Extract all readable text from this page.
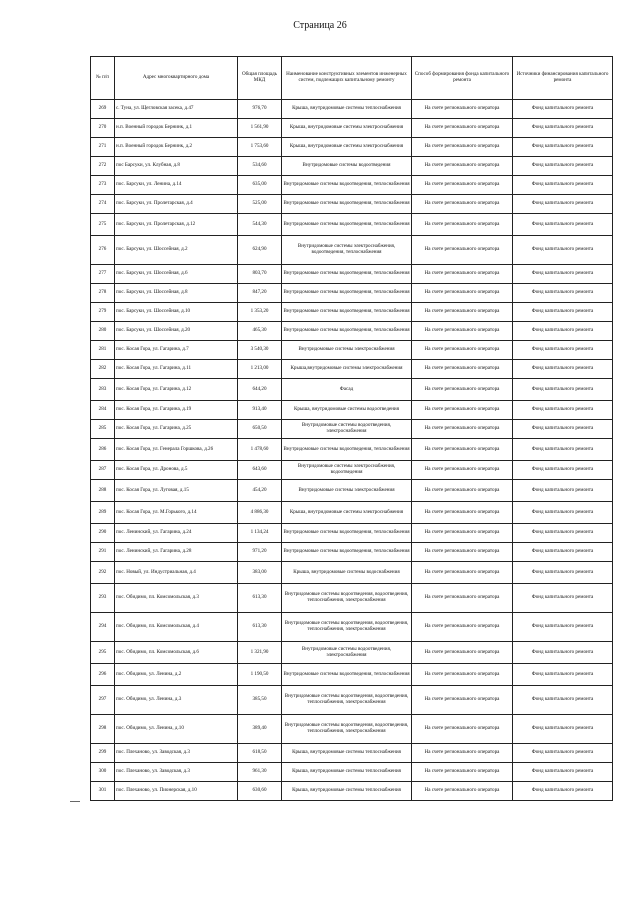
Страница 26
№ п/п	Адрес многоквартирного дома	Общая площадь МКД	Наименование конструктивных элементов инженерных систем, подлежащих капитальному ремонту	Способ формирования фонда капитального ремонта	Источники финансирования капитального ремонта
269	с. Туна, ул. Щегловская засека, д.47	976,70	Крыша, внутридомовые системы теплоснабжения	На счете регионального оператора	Фонд капитального ремонта
270	н.п. Военный городок Бернинк, д.1	1 561,90	Крыша, внутридомовые системы электроснабжения	На счете регионального оператора	Фонд капитального ремонта
271	н.п. Военный городок Бернинк, д.2	1 753,60	Крыша, внутридомовые системы электроснабжения	На счете регионального оператора	Фонд капитального ремонта
272	пос Барсуки, ул. Клубная, д.8	534,60	Внутридомовые системы водоотведения	На счете регионального оператора	Фонд капитального ремонта
273	пос. Барсуки, ул. Ленина, д.14	635,00	Внутридомовые системы водоотведения, теплоснабжения	На счете регионального оператора	Фонд капитального ремонта
274	пос. Барсуки, ул. Пролетарская, д.4	525,00	Внутридомовые системы водоотведения, теплоснабжения	На счете регионального оператора	Фонд капитального ремонта
275	пос. Барсуки, ул. Пролетарская, д.12	544,30	Внутридомовые системы водоотведения, теплоснабжения	На счете регионального оператора	Фонд капитального ремонта
276	пос. Барсуки, ул. Шоссейная, д.2	624,90	Внутридомовые системы электроснабжения, водоотведения, теплоснабжения	На счете регионального оператора	Фонд капитального ремонта
277	пос. Барсуки, ул. Шоссейная, д.6	803,70	Внутридомовые системы водоотведения, теплоснабжения	На счете регионального оператора	Фонд капитального ремонта
278	пос. Барсуки, ул. Шоссейная, д.8	847,20	Внутридомовые системы водоотведения, теплоснабжения	На счете регионального оператора	Фонд капитального ремонта
279	пос. Барсуки, ул. Шоссейная, д.10	1 353,20	Внутридомовые системы водоотведения, теплоснабжения	На счете регионального оператора	Фонд капитального ремонта
280	пос. Барсуки, ул. Шоссейная, д.20	465,30	Внутридомовые системы водоотведения, теплоснабжения	На счете регионального оператора	Фонд капитального ремонта
281	пос. Косая Гора, ул. Гагарина, д.7	3 540,30	Внутридомовые системы электроснабжения	На счете регионального оператора	Фонд капитального ремонта
282	пос. Косая Гора, ул. Гагарина, д.11	1 213,00	Крыша,внутридомовые системы электроснабжения	На счете регионального оператора	Фонд капитального ремонта
283	пос. Косая Гора, ул. Гагарина, д.12	644,20	Фасад	На счете регионального оператора	Фонд капитального ремонта
284	пос. Косая Гора, ул. Гагарина, д.19	913,40	Крыша, внутридомовые системы водоотведения	На счете регионального оператора	Фонд капитального ремонта
285	пос. Косая Гора, ул. Гагарина, д.25	650,50	Внутридомовые системы водоотведения, электроснабжения	На счете регионального оператора	Фонд капитального ремонта
286	пос. Косая Гора, ул. Генерала Горшкова, д.26	1 478,60	Внутридомовые системы водоотведения, теплоснабжения	На счете регионального оператора	Фонд капитального ремонта
287	пос. Косая Гора, ул. Дронова, д.5	643,60	Внутридомовые системы электроснабжения, водоотведения	На счете регионального оператора	Фонд капитального ремонта
288	пос. Косая Гора, ул. Луговая, д.15	454,20	Внутридомовые системы электроснабжения	На счете регионального оператора	Фонд капитального ремонта
289	пос. Косая Гора, ул. М.Горького, д.14	4 886,30	Крыша, внутридомовые системы электроснабжения	На счете регионального оператора	Фонд капитального ремонта
290	пос. Ленинский, ул. Гагарина, д.24	1 134,24	Внутридомовые системы водоотведения, теплоснабжения	На счете регионального оператора	Фонд капитального ремонта
291	пос. Ленинский, ул. Гагарина, д.28	971,20	Внутридомовые системы водоотведения, теплоснабжения	На счете регионального оператора	Фонд капитального ремонта
292	пос. Новый, ул. Индустриальная, д.4	383,00	Крыша, внутридомовые системы водоснабжения	На счете регионального оператора	Фонд капитального ремонта
293	пос. Обидимо, пл. Комсомольская, д.3	613,30	Внутридомовые системы водоотведения, водоотведения, теплоснабжения, электроснабжения	На счете регионального оператора	Фонд капитального ремонта
294	пос. Обидимо, пл. Комсомольская, д.4	613,30	Внутридомовые системы водоотведения, водоотведения, теплоснабжения, электроснабжения	На счете регионального оператора	Фонд капитального ремонта
295	пос. Обидимо, пл. Комсомольская, д.6	1 321,90	Внутридомовые системы водоотведения, электроснабжения	На счете регионального оператора	Фонд капитального ремонта
296	пос. Обидимо, ул. Ленина, д.2	1 190,50	Внутридомовые системы водоотведения, теплоснабжения	На счете регионального оператора	Фонд капитального ремонта
297	пос. Обидимо, ул. Ленина, д.3	385,50	Внутридомовые системы водоотведения, водоотведения, теплоснабжения, электроснабжения	На счете регионального оператора	Фонд капитального ремонта
298	пос. Обидимо, ул. Ленина, д.10	389,40	Внутридомовые системы водоотведения, водоотведения, теплоснабжения, электроснабжения	На счете регионального оператора	Фонд капитального ремонта
299	пос. Плеханово, ул. Заводская, д.3	618,50	Крыша, внутридомовые системы теплоснабжения	На счете регионального оператора	Фонд капитального ремонта
300	пос. Плеханово, ул. Заводская, д.3	961,30	Крыша, внутридомовые системы теплоснабжения	На счете регионального оператора	Фонд капитального ремонта
301	пос. Плеханово, ул. Пионерская, д.10	630,60	Крыша, внутридомовые системы теплоснабжения	На счете регионального оператора	Фонд капитального ремонта
